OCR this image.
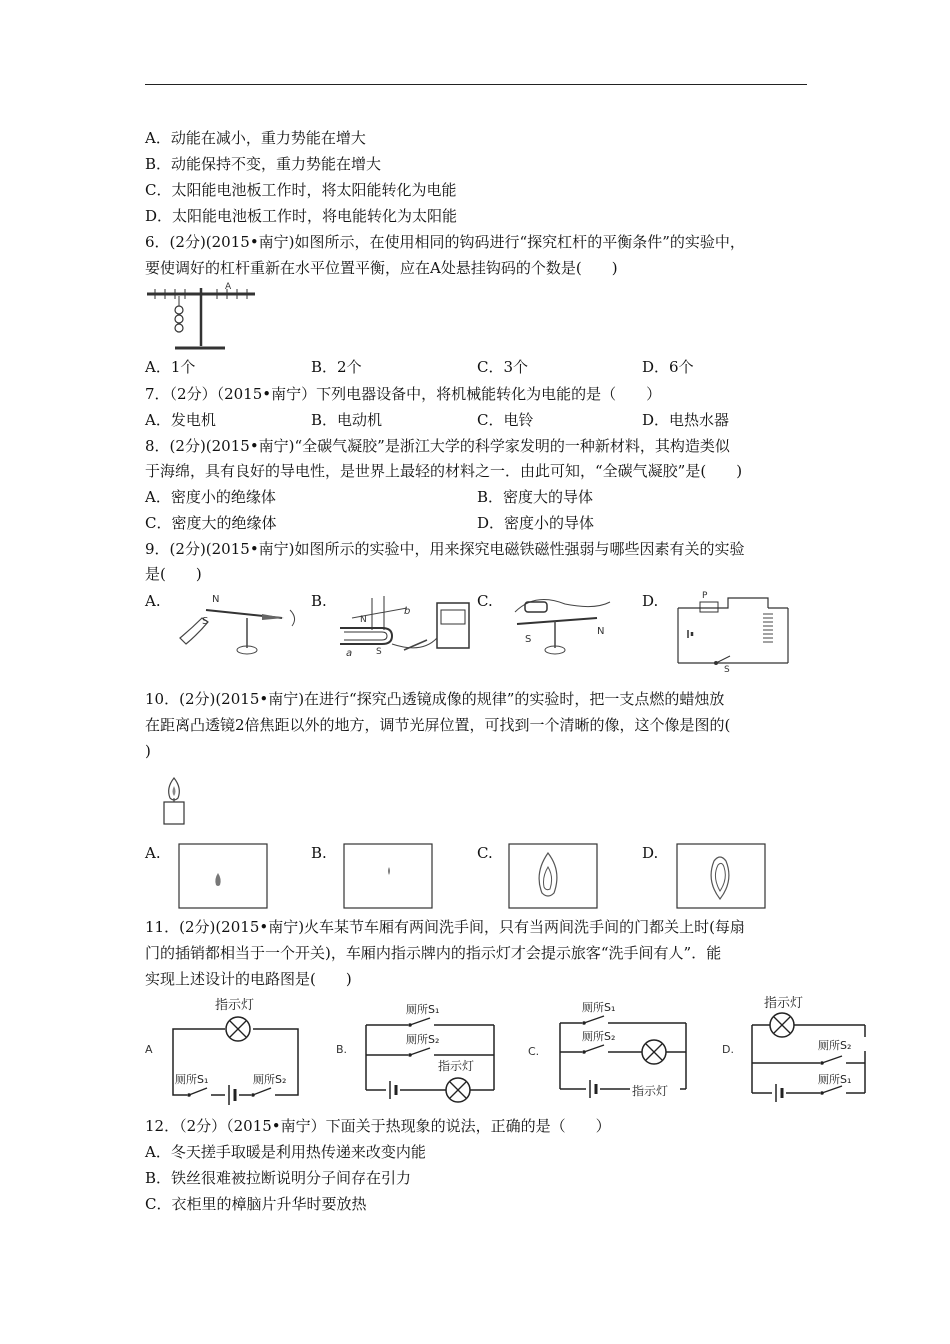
A．动能在减小，重力势能在增大
B．动能保持不变，重力势能在增大
C．太阳能电池板工作时，将太阳能转化为电能
D．太阳能电池板工作时，将电能转化为太阳能
6．(2分)(2015•南宁)如图所示，在使用相同的钩码进行“探究杠杆的平衡条件”的实验中，
要使调好的杠杆重新在水平位置平衡，应在A处悬挂钩码的个数是(　　)
A
A．1个	B．2个	C．3个	D．6个
7．（2分）（2015•南宁）下列电器设备中，将机械能转化为电能的是（　　）
A．发电机	B．电动机	C．电铃	D．电热水器
8．(2分)(2015•南宁)“全碳气凝胶”是浙江大学的科学家发明的一种新材料，其构造类似
于海绵，具有良好的导电性，是世界上最轻的材料之一．由此可知，“全碳气凝胶”是(　　)
A．密度小的绝缘体	B．密度大的导体
C．密度大的绝缘体	D．密度小的导体
9．(2分)(2015•南宁)如图所示的实验中，用来探究电磁铁磁性强弱与哪些因素有关的实验
是(　　)
A.	B.	C.	D.
N
S
a
b
S
N
S
N
P
S
10．(2分)(2015•南宁)在进行“探究凸透镜成像的规律”的实验时，把一支点燃的蜡烛放
在距离凸透镜2倍焦距以外的地方，调节光屏位置，可找到一个清晰的像，这个像是图的(
)
A.	B.	C.	D.
11．(2分)(2015•南宁)火车某节车厢有两间洗手间，只有当两间洗手间的门都关上时(每扇
门的插销都相当于一个开关)，车厢内指示牌内的指示灯才会提示旅客“洗手间有人”．能
实现上述设计的电路图是(　　)
A
指示灯
厕所S₁	厕所S₂
B.
厕所S₁
厕所S₂
指示灯
C.
厕所S₁
厕所S₂
指示灯
D.
指示灯
厕所S₂
厕所S₁
12．（2分）（2015•南宁）下面关于热现象的说法，正确的是（　　）
A．冬天搓手取暖是利用热传递来改变内能
B．铁丝很难被拉断说明分子间存在引力
C．衣柜里的樟脑片升华时要放热
